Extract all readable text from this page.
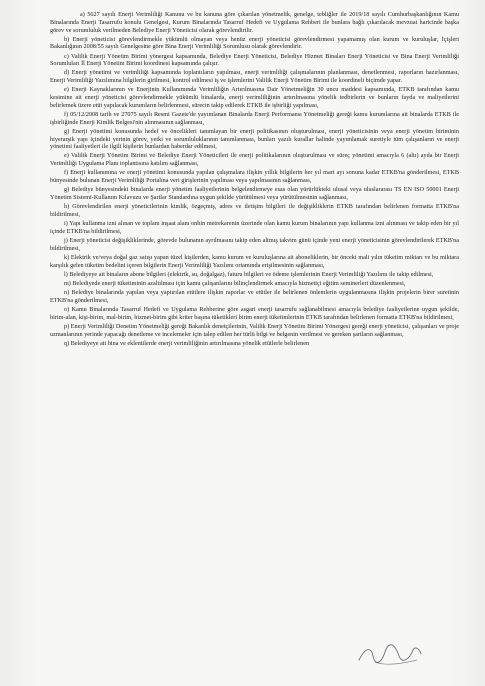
a) 5627 sayılı Enerji Verimliliği Kanunu ve bu kanuna göre çıkarılan yönetmelik, genelge, tebliğler ile 2019/18 sayılı Cumhurbaşkanlığının Kamu Binalarında Enerji Tasarrufu konulu Genelgesi, Kurum Binalarında Tasarruf Hedefi ve Uygulama Rehberi ile bunlara bağlı çıkarılacak mevzuat haricinde başka görev ve sorumluluk verilmeden Belediye Enerji Yöneticisi olarak görevlendirilir.

b) Enerji yöneticisi görevlendirmekle yükümlü olmayan veya henüz enerji yöneticisi görevlendirmesi yapamamış olan kurum ve kuruluşlar, İçişleri Bakanlığının 2008/55 sayılı Genelgesine göre Bina Enerji Verimliliği Sorumlusu olarak görevlendirir.

c) Valilik Enerji Yönetim Birimi yönergesi kapsamında, Belediye Enerji Yöneticisi, Belediye Hizmet Binaları Enerji Yöneticisi ve Bina Enerji Verimliliği Sorumluları İl Enerji Yönetim Birimi koordinesi kapsamında çalışır.

d) Enerji yönetimi ve verimliliği kapsamında toplantıların yapılması, enerji verimliliği çalışmalarının planlanması, denetlenmesi, raporların hazırlanması, Enerji Verimliliği Yazılımına bilgilerin girilmesi, kontrol edilmesi iş ve işlemlerini Valilik Enerji Yönetim Birimi ile koordineli biçimde yapar.

e) Enerji Kaynaklarının ve Enerjinin Kullanımında Verimliliğin Artırılmasına Dair Yönetmeliğin 30 uncu maddesi kapsamında, ETKB tarafından kamu kesimine ait enerji yöneticisi görevlendirmekle yükümlü binalarda, enerji verimliliğinin artırılmasına yönelik tedbirlerin ve bunların fayda ve maliyetlerini belirlemek üzere etüt yapılacak kurumların belirlenmesi, sürecin takip edilerek ETKB ile işbirliği yapılması,

f) 05/12/2008 tarih ve 27075 sayılı Resmi Gazete'de yayımlanan Binalarda Enerji Performansı Yönetmeliği gereği kamu kurumlarına ait binalarda ETKB ile işbirliğinde Enerji Kimlik Belgesi'nin alınmasının sağlanması,

g) Enerji yönetimi konusunda hedef ve öncelikleri tanımlayan bir enerji politikasının oluşturulması, enerji yöneticisinin veya enerji yönetim biriminin hiyerarşik yapı içindeki yerinin görev, yetki ve sorumluluklarının tanımlanması, bunları yazılı kurallar halinde yayımlamak suretiyle tüm çalışanların ve enerji yönetimi faaliyetleri ile ilgili kişilerin bunlardan haberdar edilmesi,

e) Valilik Enerji Yönetim Birimi ve Belediye Enerji Yöneticileri ile enerji politikalarının oluşturulması ve süreç yönetimi amacıyla 6 (altı) ayda bir Enerji Verimliliği Uygulama Planı toplantısına katılım sağlanması,

f) Enerji kullanımına ve enerji yönetimi konusunda yapılan çalışmalara ilişkin yıllık bilgilerin her yıl mart ayı sonuna kadar ETKB'na gönderilmesi, ETKB bünyesinde bulunan Enerji Verimliliği Portalına veri girişlerinin yapılması veya yapılmasının sağlanması,

g) Belediye bünyesindeki binalarda enerji yönetim faaliyetlerinin belgelendirmeye esas olan yürürlükteki ulusal veya uluslararası TS EN ISO 50001 Enerji Yönetim Sistemi-Kullanım Kılavuzu ve Şartlar Standardına uygun şekilde yürütülmesi veya yürütülmesinin sağlanması,

h) Görevlendirilen enerji yöneticilerinin kimlik, özgeçmiş, adres ve iletişim bilgileri ile değişikliklerin ETKB tarafından belirlenen formatta ETKB'na bildirilmesi,

i) Yapı kullanma izni alınan ve toplam inşaat alanı onbin metrekarenin üzerinde olan kamu kurum binalarının yapı kullanma izni alınması ve takip eden bir yıl içinde ETKB'na bildirilmesi,

j) Enerji yöneticisi değişikliklerinde, görevde bulunanın ayrılmasını takip eden altmış takvim günü içinde yeni enerji yöneticisinin görevlendirilerek ETKB'na bildirilmesi,

k) Elektrik ve/veya doğal gaz satışı yapan tüzel kişilerden, kamu kurum ve kuruluşlarına ait aboneliklerin, bir önceki mali yılın tüketim miktarı ve bu miktara karşılık gelen tüketim bedelini içeren bilgilerin Enerji Verimliliği Yazılımı ortamında erişilmesinin sağlanması,

l) Belediyeye ait binaların abone bilgileri (elektrik, su, doğalgaz), faturu bilgileri ve ödeme işlemlerinin Enerji Verimliliği Yazılımı ile takip edilmesi,

m) Belediyede enerji tüketiminin azaltılması için kamu çalışanlarını bilinçlendirmek amacıyla hizmetiçi eğitim seminerleri düzenlenmesi,

n) Belediye binalarında yapılan veya yaptırılan etütlere ilişkin raporlar ve etütler ile belirlenen önlemlerin uygulanmasına ilişkin projelerin birer suretinin ETKB'na gönderilmesi,

o) Kamu Binalarında Tasarruf Hedefi ve Uygulama Rehberine göre asgari enerji tasarrufu sağlanabilmesi amacıyla belediye faaliyetlerine uygun şekilde, birim-alan, kişi-birim, mal-birim, hizmet-birim gibi kriter başına tüketikleri birim enerji tüketimlerinin ETKB tarafından belirlenen formatta ETKB'na bildirilmesi,

p) Enerji Verimliliği Denetim Yönetmeliği gereği Bakanlık denetçilerinin, Valilik Enerji Yönetim Birimi Yönergesi gereği enerji yöneticisi, çalışanları ve proje uzmanlarının yerinde yapacağı denetleme ve incelemeler için talep edilen her türlü bilgi ve belgenin verilmesi ve gereken şartların sağlanması,

q) Belediyeye ait bina ve eklentilerde enerji verimliliğinin artırılmasına yönelik etütlerle belirlenen
